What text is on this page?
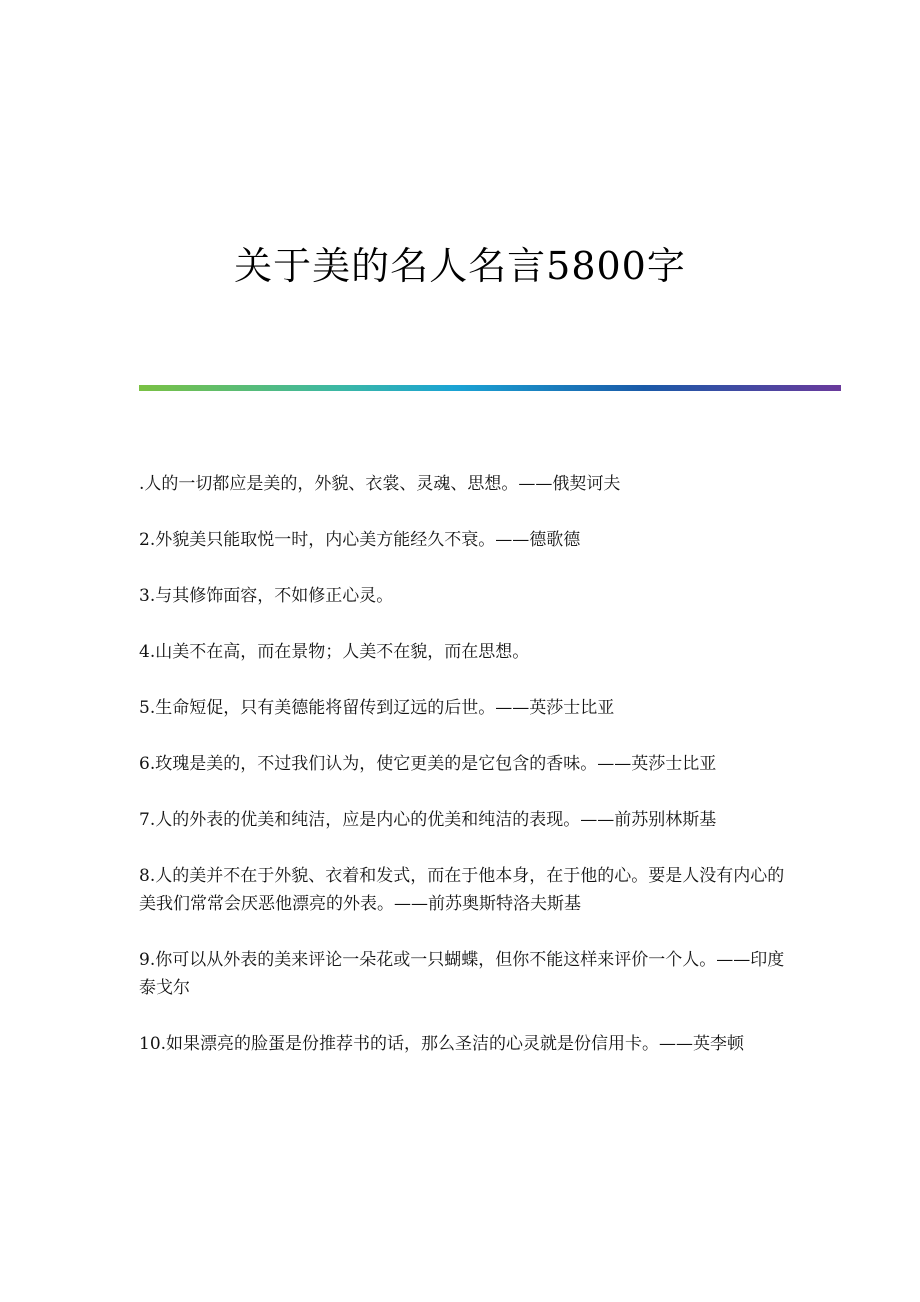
关于美的名人名言5800字

.人的一切都应是美的，外貌、衣裳、灵魂、思想。——俄契诃夫

2.外貌美只能取悦一时，内心美方能经久不衰。——德歌德

3.与其修饰面容，不如修正心灵。

4.山美不在高，而在景物；人美不在貌，而在思想。

5.生命短促，只有美德能将留传到辽远的后世。——英莎士比亚

6.玫瑰是美的，不过我们认为，使它更美的是它包含的香味。——英莎士比亚

7.人的外表的优美和纯洁，应是内心的优美和纯洁的表现。——前苏别林斯基

8.人的美并不在于外貌、衣着和发式，而在于他本身，在于他的心。要是人没有内心的美我们常常会厌恶他漂亮的外表。——前苏奥斯特洛夫斯基

9.你可以从外表的美来评论一朵花或一只蝴蝶，但你不能这样来评价一个人。——印度泰戈尔

10.如果漂亮的脸蛋是份推荐书的话，那么圣洁的心灵就是份信用卡。——英李顿
